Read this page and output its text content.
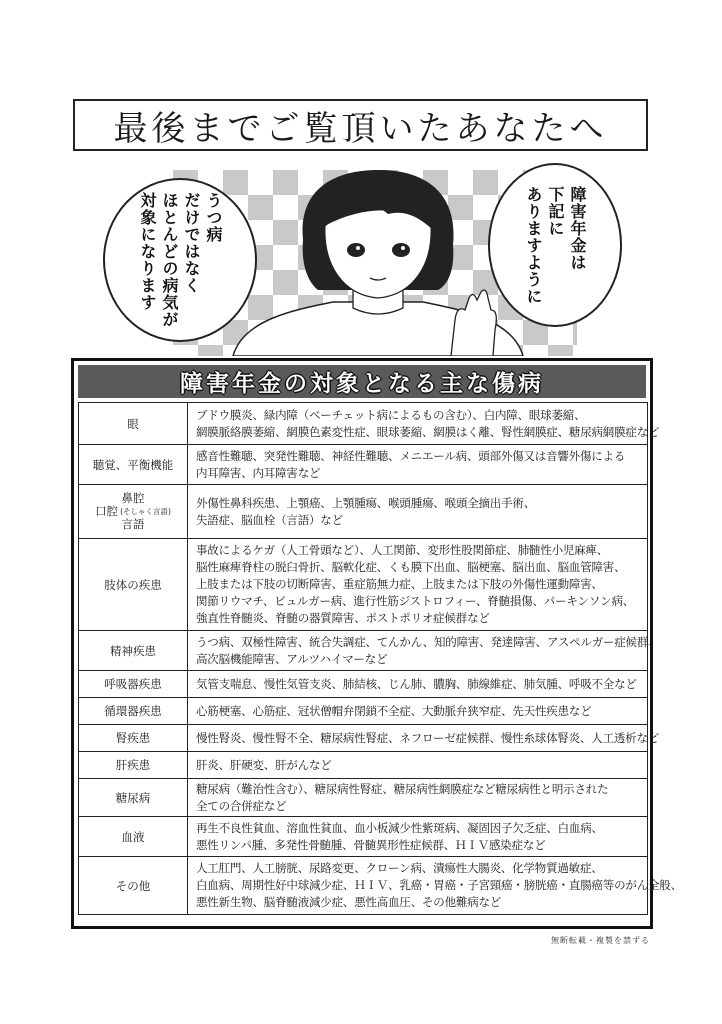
最後までご覧頂いたあなたへ
うつ病
だけではなく
ほとんどの病気が
対象になります	障害年金は
下記に
ありますように
障害年金の対象となる主な傷病
眼	ブドウ膜炎、緑内障（ベーチェット病によるもの含む）、白内障、眼球萎縮、
網膜脈絡膜萎縮、網膜色素変性症、眼球萎縮、網膜はく離、腎性網膜症、糖尿病網膜症など

聴覚、平衡機能	感音性難聴、突発性難聴、神経性難聴、メニエール病、頭部外傷又は音響外傷による
内耳障害、内耳障害など

鼻腔
口腔 (そしゃく言語)
言語	外傷性鼻科疾患、上顎癌、上顎腫瘍、喉頭腫瘍、喉頭全摘出手術、
失語症、脳血栓（言語）など

肢体の疾患	事故によるケガ（人工骨頭など）、人工関節、変形性股関節症、肺髄性小児麻痺、
脳性麻痺脊柱の脱臼骨折、脳軟化症、くも膜下出血、脳梗塞、脳出血、脳血管障害、
上肢または下肢の切断障害、重症筋無力症、上肢または下肢の外傷性運動障害、
関節リウマチ、ビュルガー病、進行性筋ジストロフィー、脊髄損傷、パーキンソン病、
強直性脊髄炎、脊髄の器質障害、ポストポリオ症候群など

精神疾患	うつ病、双極性障害、統合失調症、てんかん、知的障害、発達障害、アスペルガー症候群、
高次脳機能障害、アルツハイマーなど

呼吸器疾患	気管支喘息、慢性気管支炎、肺結核、じん肺、膿胸、肺線維症、肺気腫、呼吸不全など

循環器疾患	心筋梗塞、心筋症、冠状僧帽弁閉鎖不全症、大動脈弁狭窄症、先天性疾患など

腎疾患	慢性腎炎、慢性腎不全、糖尿病性腎症、ネフローゼ症候群、慢性糸球体腎炎、人工透析など

肝疾患	肝炎、肝硬変、肝がんなど

糖尿病	糖尿病（難治性含む）、糖尿病性腎症、糖尿病性網膜症など糖尿病性と明示された
全ての合併症など

血液	再生不良性貧血、溶血性貧血、血小板減少性紫斑病、凝固因子欠乏症、白血病、
悪性リンパ腫、多発性骨髄腫、骨髄異形性症候群、ＨＩＶ感染症など

その他	人工肛門、人工膀胱、尿路変更、クローン病、潰瘍性大腸炎、化学物質過敏症、
白血病、周期性好中球減少症、ＨＩＶ、乳癌・胃癌・子宮頸癌・膀胱癌・直腸癌等のがん全般、
悪性新生物、脳脊髄液減少症、悪性高血圧、その他難病など
無断転載・複製を禁ずる
